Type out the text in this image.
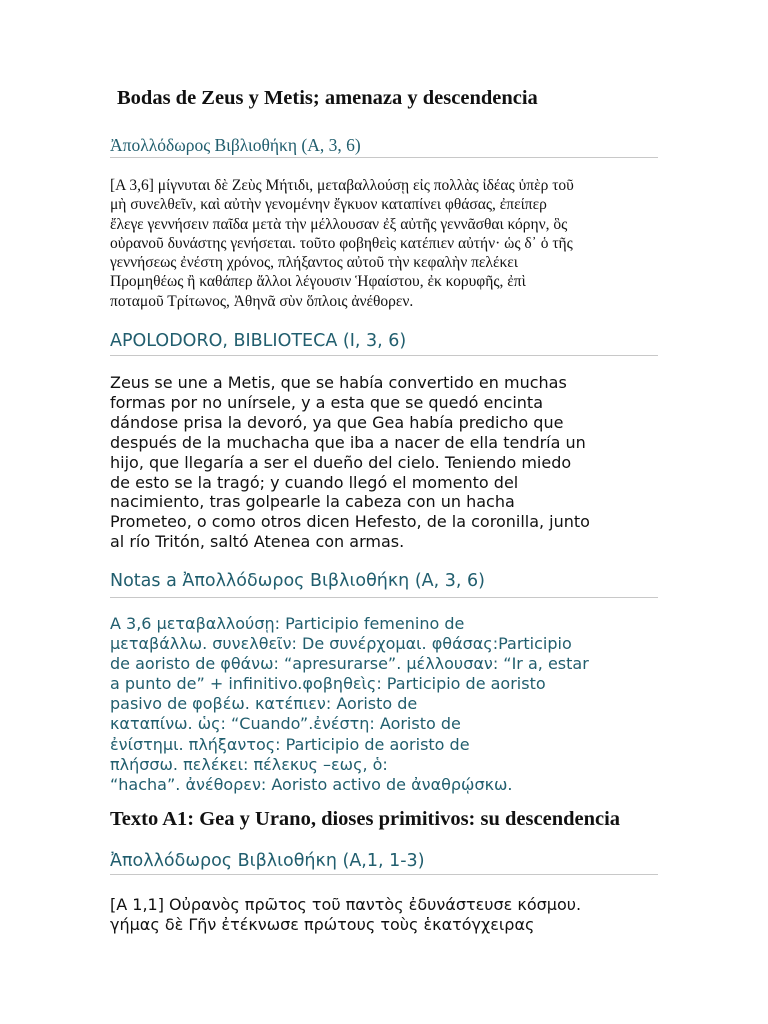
Bodas de Zeus y Metis; amenaza y descendencia
Ἀπολλόδωρος Βιβλιοθήκη (A, 3, 6)
[A 3,6] μίγνυται δὲ Ζεὺς Μήτιδι, μεταβαλλούσῃ εἰς πολλὰς ἰδέας ὑπὲρ τοῦ
μὴ συνελθεῖν, καὶ αὐτὴν γενομένην ἔγκυον καταπίνει φθάσας, ἐπείπερ
ἔλεγε γεννήσειν παῖδα μετὰ τὴν μέλλουσαν ἐξ αὐτῆς γεννᾶσθαι κόρην, ὃς
οὐρανοῦ δυνάστης γενήσεται. τοῦτο φοβηθεὶς κατέπιεν αὐτήν· ὡς δ᾽ ὁ τῆς
γεννήσεως ἐνέστη χρόνος, πλήξαντος αὐτοῦ τὴν κεφαλὴν πελέκει
Προμηθέως ἢ καθάπερ ἄλλοι λέγουσιν Ἡφαίστου, ἐκ κορυφῆς, ἐπὶ
ποταμοῦ Τρίτωνος, Ἀθηνᾶ σὺν ὅπλοις ἀνέθορεν.
APOLODORO, BIBLIOTECA (I, 3, 6)
Zeus se une a Metis, que se había convertido en muchas
formas por no unírsele, y a esta que se quedó encinta
dándose prisa la devoró, ya que Gea había predicho que
después de la muchacha que iba a nacer de ella tendría un
hijo, que llegaría a ser el dueño del cielo. Teniendo miedo
de esto se la tragó; y cuando llegó el momento del
nacimiento, tras golpearle la cabeza con un hacha
Prometeo, o como otros dicen Hefesto, de la coronilla, junto
al río Tritón, saltó Atenea con armas.
Notas a Ἀπολλόδωρος Βιβλιοθήκη (A, 3, 6)
A 3,6 μεταβαλλούσῃ: Participio femenino de
μεταβάλλω. συνελθεῖν: De συνέρχομαι. φθάσας:Participio
de aoristo de φθάνω: “apresurarse”. μέλλουσαν: “Ir a, estar
a punto de” + infinitivo.φοβηθεὶς: Participio de aoristo
pasivo de φοβέω. κατέπιεν: Aoristo de
καταπίνω. ὡς: “Cuando”.ἐνέστη: Aoristo de
ἐνίστημι. πλήξαντος: Participio de aoristo de
πλήσσω. πελέκει: πέλεκυς –εως, ὁ:
“hacha”. ἀνέθορεν: Aoristo activo de ἀναθρῴσκω.
Texto A1: Gea y Urano, dioses primitivos: su descendencia
Ἀπολλόδωρος Βιβλιοθήκη (A,1, 1-3)
[A 1,1] Οὐρανὸς πρῶτος τοῦ παντὸς ἐδυνάστευσε κόσμου.
γήμας δὲ Γῆν ἐτέκνωσε πρώτους τοὺς ἑκατόγχειρας
